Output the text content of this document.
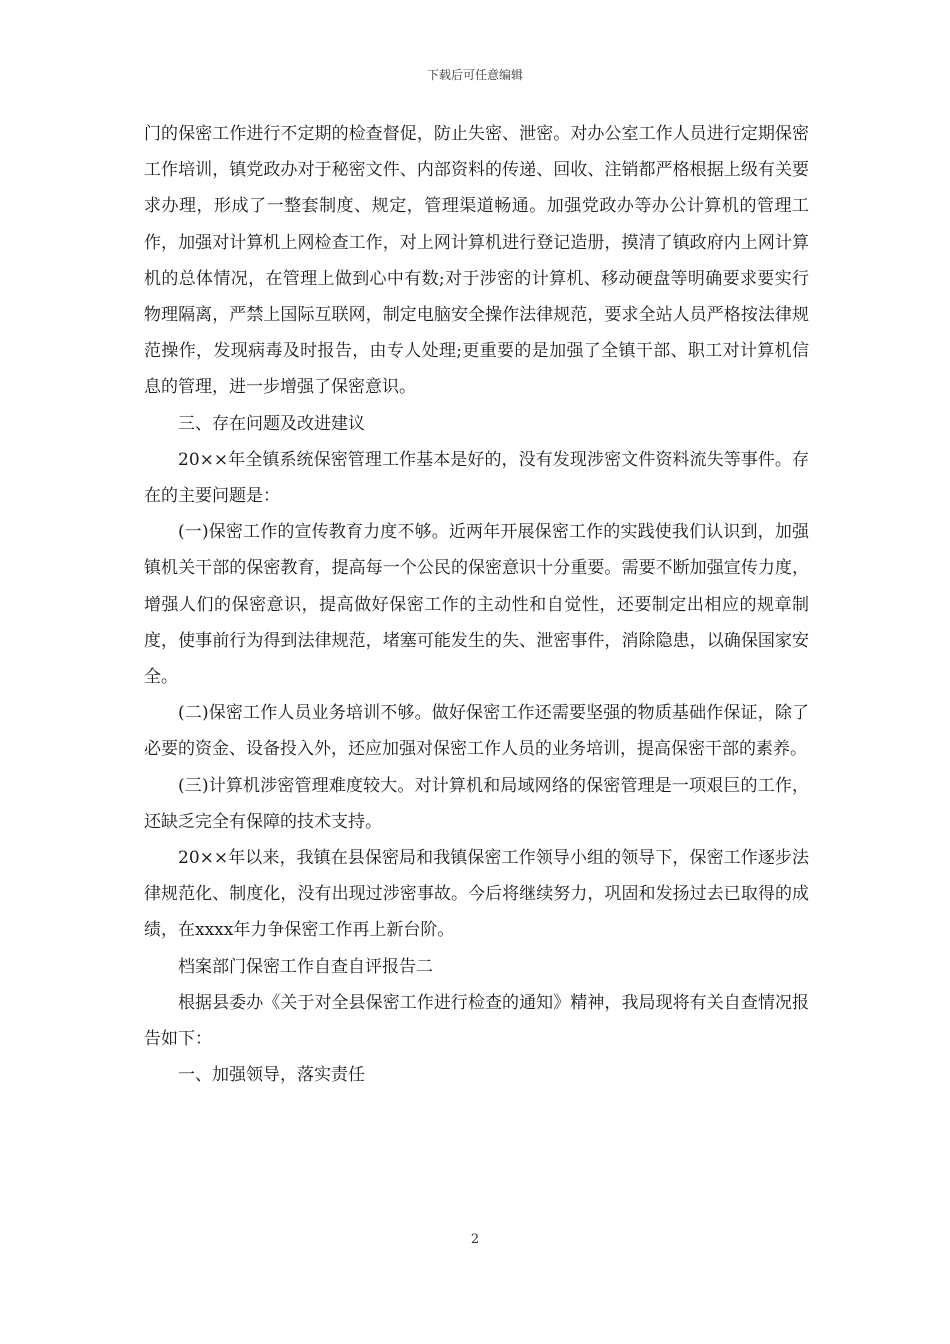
下载后可任意编辑

门的保密工作进行不定期的检查督促，防止失密、泄密。对办公室工作人员进行定期保密工作培训，镇党政办对于秘密文件、内部资料的传递、回收、注销都严格根据上级有关要求办理，形成了一整套制度、规定，管理渠道畅通。加强党政办等办公计算机的管理工作，加强对计算机上网检查工作，对上网计算机进行登记造册，摸清了镇政府内上网计算机的总体情况，在管理上做到心中有数;对于涉密的计算机、移动硬盘等明确要求要实行物理隔离，严禁上国际互联网，制定电脑安全操作法律规范，要求全站人员严格按法律规范操作，发现病毒及时报告，由专人处理;更重要的是加强了全镇干部、职工对计算机信息的管理，进一步增强了保密意识。

三、存在问题及改进建议

20××年全镇系统保密管理工作基本是好的，没有发现涉密文件资料流失等事件。存在的主要问题是：

(一)保密工作的宣传教育力度不够。近两年开展保密工作的实践使我们认识到，加强镇机关干部的保密教育，提高每一个公民的保密意识十分重要。需要不断加强宣传力度，增强人们的保密意识，提高做好保密工作的主动性和自觉性，还要制定出相应的规章制度，使事前行为得到法律规范，堵塞可能发生的失、泄密事件，消除隐患，以确保国家安全。

(二)保密工作人员业务培训不够。做好保密工作还需要坚强的物质基础作保证，除了必要的资金、设备投入外，还应加强对保密工作人员的业务培训，提高保密干部的素养。

(三)计算机涉密管理难度较大。对计算机和局域网络的保密管理是一项艰巨的工作，还缺乏完全有保障的技术支持。

20××年以来，我镇在县保密局和我镇保密工作领导小组的领导下，保密工作逐步法律规范化、制度化，没有出现过涉密事故。今后将继续努力，巩固和发扬过去已取得的成绩，在xxxx年力争保密工作再上新台阶。

档案部门保密工作自查自评报告二

根据县委办《关于对全县保密工作进行检查的通知》精神，我局现将有关自查情况报告如下：

一、加强领导，落实责任

2
